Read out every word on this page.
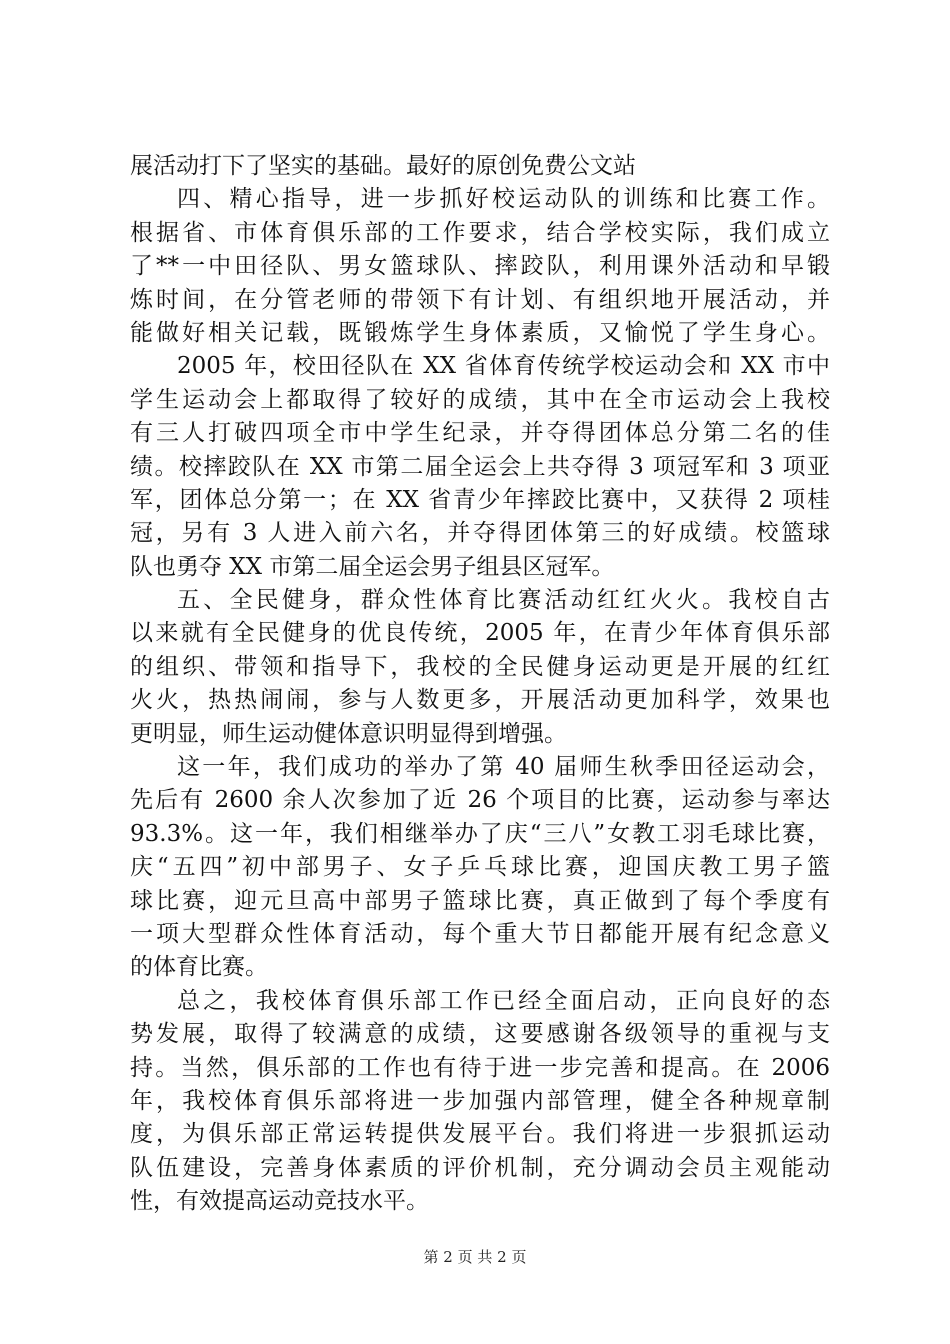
展活动打下了坚实的基础。最好的原创免费公文站
四、精心指导，进一步抓好校运动队的训练和比赛工作。
根据省、市体育俱乐部的工作要求，结合学校实际，我们成立
了**一中田径队、男女篮球队、摔跤队，利用课外活动和早锻
炼时间，在分管老师的带领下有计划、有组织地开展活动，并
能做好相关记载，既锻炼学生身体素质，又愉悦了学生身心。
2005 年，校田径队在 XX 省体育传统学校运动会和 XX 市中
学生运动会上都取得了较好的成绩，其中在全市运动会上我校
有三人打破四项全市中学生纪录，并夺得团体总分第二名的佳
绩。校摔跤队在 XX 市第二届全运会上共夺得 3 项冠军和 3 项亚
军，团体总分第一；在 XX 省青少年摔跤比赛中，又获得 2 项桂
冠，另有 3 人进入前六名，并夺得团体第三的好成绩。校篮球
队也勇夺 XX 市第二届全运会男子组县区冠军。
五、全民健身，群众性体育比赛活动红红火火。我校自古
以来就有全民健身的优良传统，2005 年，在青少年体育俱乐部
的组织、带领和指导下，我校的全民健身运动更是开展的红红
火火，热热闹闹，参与人数更多，开展活动更加科学，效果也
更明显，师生运动健体意识明显得到增强。
这一年，我们成功的举办了第 40 届师生秋季田径运动会，
先后有 2600 余人次参加了近 26 个项目的比赛，运动参与率达
93.3%。这一年，我们相继举办了庆“三八”女教工羽毛球比赛，
庆“五四”初中部男子、女子乒乓球比赛，迎国庆教工男子篮
球比赛，迎元旦高中部男子篮球比赛，真正做到了每个季度有
一项大型群众性体育活动，每个重大节日都能开展有纪念意义
的体育比赛。
总之，我校体育俱乐部工作已经全面启动，正向良好的态
势发展，取得了较满意的成绩，这要感谢各级领导的重视与支
持。当然，俱乐部的工作也有待于进一步完善和提高。在 2006
年，我校体育俱乐部将进一步加强内部管理，健全各种规章制
度，为俱乐部正常运转提供发展平台。我们将进一步狠抓运动
队伍建设，完善身体素质的评价机制，充分调动会员主观能动
性，有效提高运动竞技水平。
第 2 页 共 2 页
